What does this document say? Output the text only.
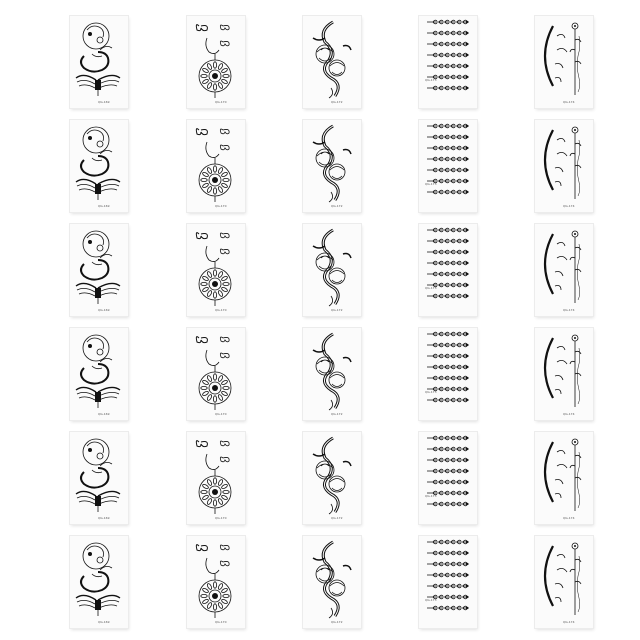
QG-169
QG-169
QG-169
QG-169
QG-169
QG-169
QG-170
QG-170
QG-170
QG-170
QG-170
QG-170
QG-172
QG-172
QG-172
QG-172
QG-172
QG-172
QG-173
QG-173
QG-173
QG-173
QG-173
QG-173
QG-174
QG-174
QG-174
QG-174
QG-174
QG-174
